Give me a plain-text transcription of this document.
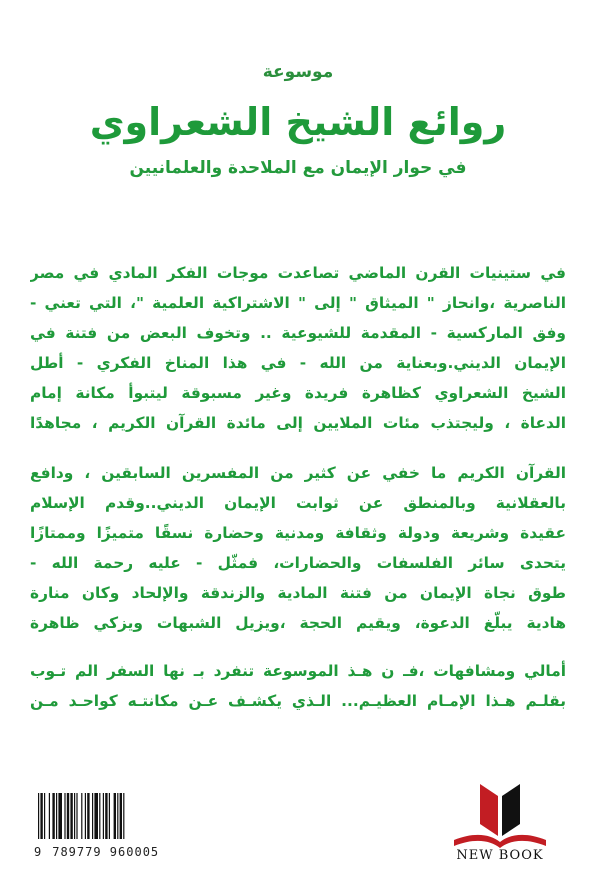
موسوعة
روائع الشيخ الشعراوي
في حوار الإيمان مع الملاحدة والعلمانيين
في ستينيات القرن الماضي تصاعدت موجات الفكر المادي في مصر
الناصرية ،وانحاز " الميثاق " إلى " الاشتراكية العلمية "، التي تعني -
وفق الماركسية - المقدمة للشيوعية .. وتخوف البعض من فتنة في
الإيمان الديني.وبعناية من الله - في هذا المناخ الفكري - أطل
الشيخ الشعراوي كظاهرة فريدة وغير مسبوقة ليتبوأ مكانة إمام
الدعاة ، وليجتذب مئات الملايين إلى مائدة القرآن الكريم ، مجاهدًا
القرآن الكريم ما خفي عن كثير من المفسرين السابقين ، ودافع
بالعقلانية وبالمنطق عن ثوابت الإيمان الديني..وقدم الإسلام
عقيدة وشريعة ودولة وثقافة ومدنية وحضارة نسقًا متميزًا وممتازًا
يتحدى سائر الفلسفات والحضارات، فمثّل - عليه رحمة الله -
طوق نجاة الإيمان من فتنة المادية والزندقة والإلحاد وكان منارة
هادية يبلّغ الدعوة، ويقيم الحجة ،ويزيل الشبهات ويزكي ظاهرة
أمالي ومشافهات ،فـ ن هـذ الموسوعة تنفرد بـ نها السفر الم تـوب
بقلـم هـذا الإمـام العظيـم... الـذي يكشـف عـن مكانتـه كواحـد مـن
9 789779 960005	NEW BOOK
